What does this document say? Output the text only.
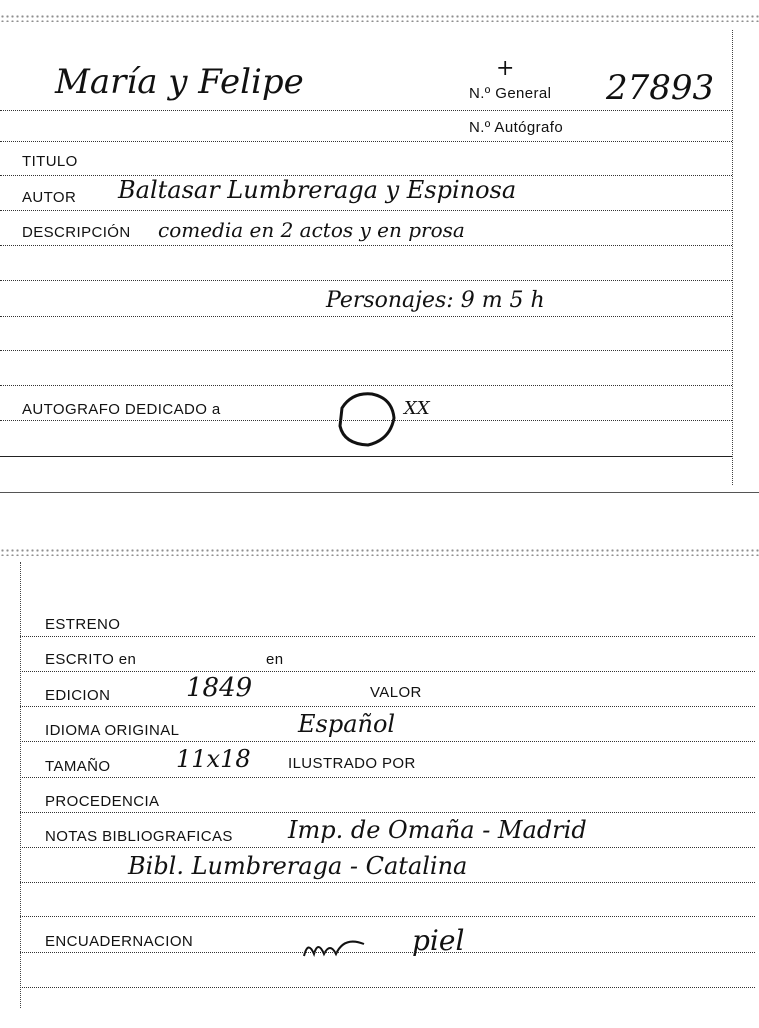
María y Felipe	+
N.º General 27893
N.º Autógrafo
TITULO
AUTOR Baltasar Lumbreraga y Espinosa
DESCRIPCIÓN comedia en 2 actos y en prosa
Personajes: 9 m 5 h
AUTOGRAFO DEDICADO a	XX
ESTRENO
ESCRITO en	en
EDICION	1849	VALOR
IDIOMA ORIGINAL	Español
TAMAÑO	11x18 ILUSTRADO POR
PROCEDENCIA
NOTAS BIBLIOGRAFICAS Imp. de Omaña - Madrid
Bibl. Lumbreraga - Catalina
ENCUADERNACION	piel
